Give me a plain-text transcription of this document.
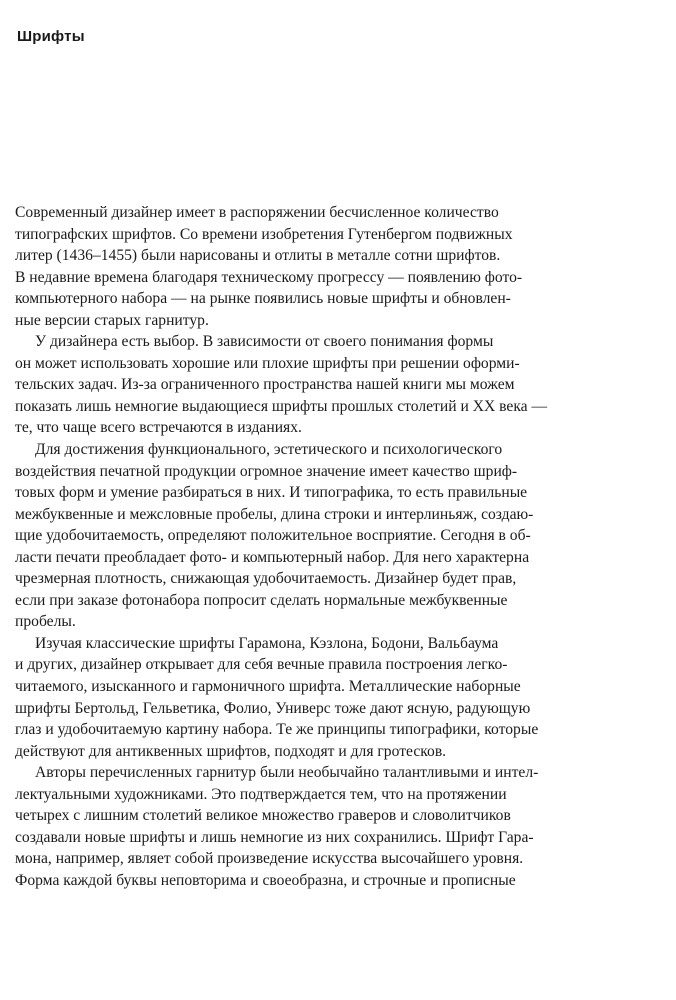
Шрифты
Современный дизайнер имеет в распоряжении бесчисленное количество
типографских шрифтов. Со времени изобретения Гутенбергом подвижных
литер (1436–1455) были нарисованы и отлиты в металле сотни шрифтов.
В недавние времена благодаря техническому прогрессу — появлению фото-
компьютерного набора — на рынке появились новые шрифты и обновлен-
ные версии старых гарнитур.
У дизайнера есть выбор. В зависимости от своего понимания формы
он может использовать хорошие или плохие шрифты при решении оформи-
тельских задач. Из-за ограниченного пространства нашей книги мы можем
показать лишь немногие выдающиеся шрифты прошлых столетий и XX века —
те, что чаще всего встречаются в изданиях.
Для достижения функционального, эстетического и психологического
воздействия печатной продукции огромное значение имеет качество шриф-
товых форм и умение разбираться в них. И типографика, то есть правильные
межбуквенные и межсловные пробелы, длина строки и интерлиньяж, создаю-
щие удобочитаемость, определяют положительное восприятие. Сегодня в об-
ласти печати преобладает фото- и компьютерный набор. Для него характерна
чрезмерная плотность, снижающая удобочитаемость. Дизайнер будет прав,
если при заказе фотонабора попросит сделать нормальные межбуквенные
пробелы.
Изучая классические шрифты Гарамона, Кэзлона, Бодони, Вальбаума
и других, дизайнер открывает для себя вечные правила построения легко-
читаемого, изысканного и гармоничного шрифта. Металлические наборные
шрифты Бертольд, Гельветика, Фолио, Универс тоже дают ясную, радующую
глаз и удобочитаемую картину набора. Те же принципы типографики, которые
действуют для антиквенных шрифтов, подходят и для гротесков.
Авторы перечисленных гарнитур были необычайно талантливыми и интел-
лектуальными художниками. Это подтверждается тем, что на протяжении
четырех с лишним столетий великое множество граверов и словолитчиков
создавали новые шрифты и лишь немногие из них сохранились. Шрифт Гара-
мона, например, являет собой произведение искусства высочайшего уровня.
Форма каждой буквы неповторима и своеобразна, и строчные и прописные
